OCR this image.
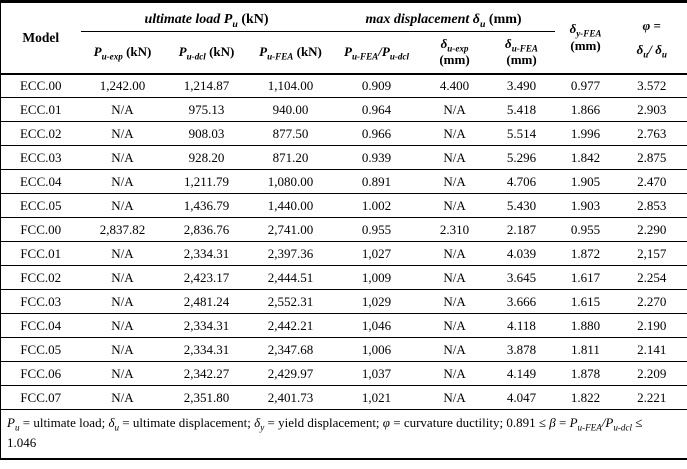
Model	ultimate load $P_u$ (kN)			max displacement $\delta_u$ (mm)			$\delta_{y-FEA}$
(mm)	φ =
$\delta_u/$ $\delta_u$
	$P_{u-exp}$ (kN)	$P_{u-dcl}$ (kN)	$P_{u-FEA}$ (kN)	$P_{u-FEA}/P_{u-dcl}$	$\delta_{u-exp}$
(mm)	$\delta_{u-FEA}$
(mm)		
ECC.00	1,242.00	1,214.87	1,104.00	0.909	4.400	3.490	0.977	3.572
ECC.01	N/A	975.13	940.00	0.964	N/A	5.418	1.866	2.903
ECC.02	N/A	908.03	877.50	0.966	N/A	5.514	1.996	2.763
ECC.03	N/A	928.20	871.20	0.939	N/A	5.296	1.842	2.875
ECC.04	N/A	1,211.79	1,080.00	0.891	N/A	4.706	1.905	2.470
ECC.05	N/A	1,436.79	1,440.00	1.002	N/A	5.430	1.903	2.853
FCC.00	2,837.82	2,836.76	2,741.00	0.955	2.310	2.187	0.955	2.290
FCC.01	N/A	2,334.31	2,397.36	1,027	N/A	4.039	1.872	2,157
FCC.02	N/A	2,423.17	2,444.51	1,009	N/A	3.645	1.617	2.254
FCC.03	N/A	2,481.24	2,552.31	1,029	N/A	3.666	1.615	2.270
FCC.04	N/A	2,334.31	2,442.21	1,046	N/A	4.118	1.880	2.190
FCC.05	N/A	2,334.31	2,347.68	1,006	N/A	3.878	1.811	2.141
FCC.06	N/A	2,342.27	2,429.97	1,037	N/A	4.149	1.878	2.209
FCC.07	N/A	2,351.80	2,401.73	1,021	N/A	4.047	1.822	2.221
$P_u$ = ultimate load; $\delta_u$ = ultimate displacement; $\delta_y$ = yield displacement; φ = curvature ductility; $0.891 \le \beta = P_{u-FEA}/P_{u-dcl}$ ≤
1.046								
